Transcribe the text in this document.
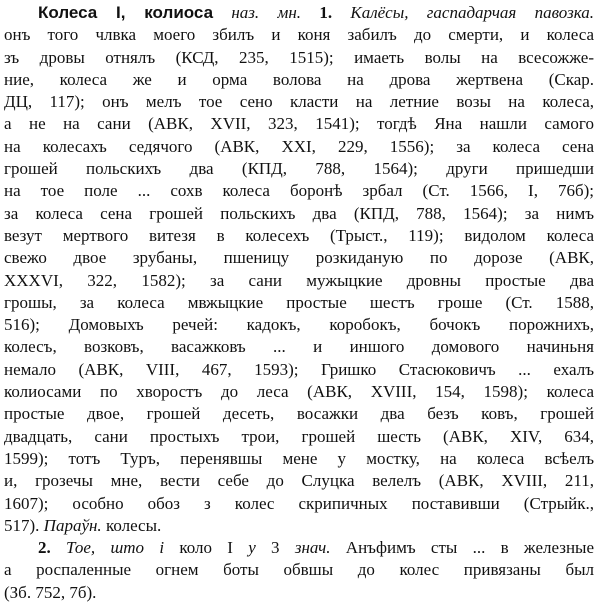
Колеса І, колиоса наз. мн. 1. Калёсы, гаспадарчая павозка.
онъ того члвка моего збилъ и коня забилъ до смерти, и колеса
зъ дровы отнялъ (КСД, 235, 1515); имаеть волы на всесожже-
ние, колеса же и орма волова на дрова жертвена (Скар.
ДЦ, 117); онъ мелъ тое сено класти на летние возы на колеса,
а не на сани (АВК, XVII, 323, 1541); тогдѣ Яна нашли самого
на колесахъ седячого (АВК, XXI, 229, 1556); за колеса сена
грошей польскихъ два (КПД, 788, 1564); други пришедши
на тое поле ... сохв колеса боронѣ зрбал (Ст. 1566, І, 76б);
за колеса сена грошей польскихъ два (КПД, 788, 1564); за нимъ
везут мертвого витезя в колесехъ (Трыст., 119); видолом колеса
свежо двое зрубаны, пшеницу розкиданую по дорозе (АВК,
XXXVI, 322, 1582); за сани мужыцкие дровны простые два
грошы, за колеса мвжыцкие простые шестъ гроше (Ст. 1588,
516); Домовыхъ речей: кадокъ, коробокъ, бочокъ порожнихъ,
колесъ, возковъ, васажковъ ... и иншого домового начиньня
немало (АВК, VIII, 467, 1593); Гришко Стасюковичъ ... ехалъ
колиосами по хворостъ до леса (АВК, XVIII, 154, 1598); колеса
простые двое, грошей десеть, восажки два безъ ковъ, грошей
двадцать, сани простыхъ трои, грошей шесть (АВК, XIV, 634,
1599); тотъ Туръ, перенявшы мене у мостку, на колеса всѣелъ
и, грозечы мне, вести себе до Слуцка велелъ (АВК, XVIII, 211,
1607); особно обоз з колес скрипичных поставивши (Стрыйк.,
517). Параўн. колесы.
2. Тое, што і коло І у 3 знач. Анъфимъ сты ... в железные
а роспаленные огнем боты обвшы до колес привязаны был
(Зб. 752, 7б).
